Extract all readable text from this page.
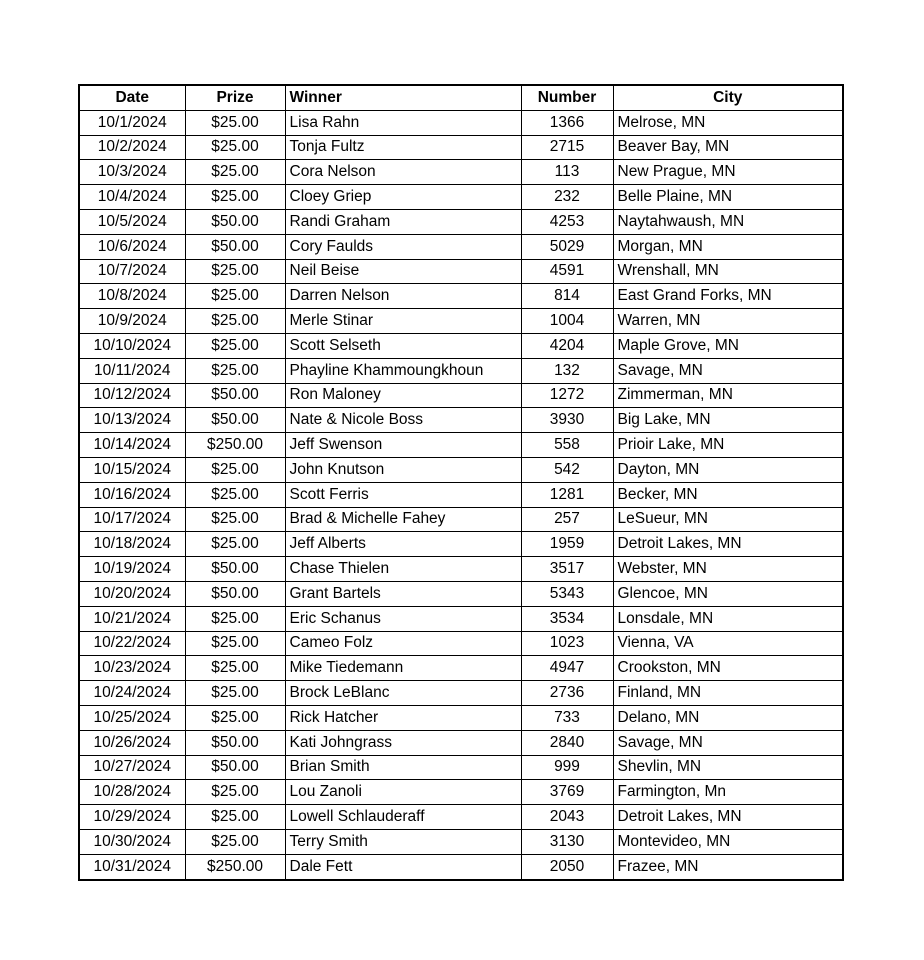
Date	Prize	Winner	Number	City
10/1/2024	$25.00	Lisa Rahn	1366	Melrose, MN
10/2/2024	$25.00	Tonja Fultz	2715	Beaver Bay, MN
10/3/2024	$25.00	Cora Nelson	113	New Prague, MN
10/4/2024	$25.00	Cloey Griep	232	Belle Plaine, MN
10/5/2024	$50.00	Randi Graham	4253	Naytahwaush, MN
10/6/2024	$50.00	Cory Faulds	5029	Morgan, MN
10/7/2024	$25.00	Neil Beise	4591	Wrenshall, MN
10/8/2024	$25.00	Darren Nelson	814	East Grand Forks, MN
10/9/2024	$25.00	Merle Stinar	1004	Warren, MN
10/10/2024	$25.00	Scott Selseth	4204	Maple Grove, MN
10/11/2024	$25.00	Phayline Khammoungkhoun	132	Savage, MN
10/12/2024	$50.00	Ron Maloney	1272	Zimmerman, MN
10/13/2024	$50.00	Nate & Nicole Boss	3930	Big Lake, MN
10/14/2024	$250.00	Jeff Swenson	558	Prioir Lake, MN
10/15/2024	$25.00	John Knutson	542	Dayton, MN
10/16/2024	$25.00	Scott Ferris	1281	Becker, MN
10/17/2024	$25.00	Brad & Michelle Fahey	257	LeSueur, MN
10/18/2024	$25.00	Jeff Alberts	1959	Detroit Lakes, MN
10/19/2024	$50.00	Chase Thielen	3517	Webster, MN
10/20/2024	$50.00	Grant Bartels	5343	Glencoe, MN
10/21/2024	$25.00	Eric Schanus	3534	Lonsdale, MN
10/22/2024	$25.00	Cameo Folz	1023	Vienna, VA
10/23/2024	$25.00	Mike Tiedemann	4947	Crookston, MN
10/24/2024	$25.00	Brock LeBlanc	2736	Finland, MN
10/25/2024	$25.00	Rick Hatcher	733	Delano, MN
10/26/2024	$50.00	Kati Johngrass	2840	Savage, MN
10/27/2024	$50.00	Brian Smith	999	Shevlin, MN
10/28/2024	$25.00	Lou Zanoli	3769	Farmington, Mn
10/29/2024	$25.00	Lowell Schlauderaff	2043	Detroit Lakes, MN
10/30/2024	$25.00	Terry Smith	3130	Montevideo, MN
10/31/2024	$250.00	Dale Fett	2050	Frazee, MN
